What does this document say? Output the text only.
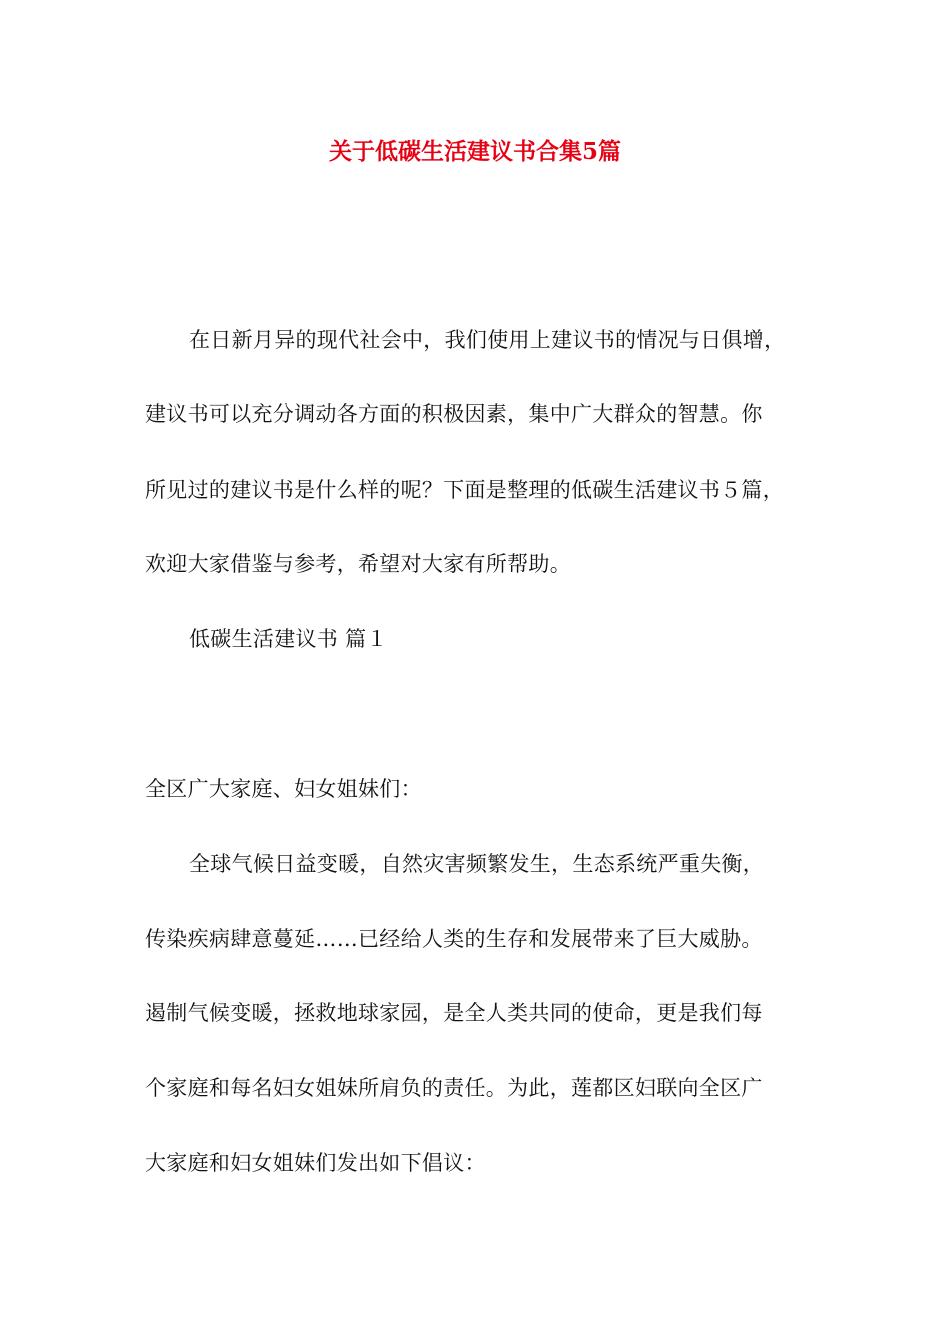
关于低碳生活建议书合集5篇
在日新月异的现代社会中，我们使用上建议书的情况与日俱增，
建议书可以充分调动各方面的积极因素，集中广大群众的智慧。你
所见过的建议书是什么样的呢？下面是整理的低碳生活建议书５篇，
欢迎大家借鉴与参考，希望对大家有所帮助。
低碳生活建议书 篇１
全区广大家庭、妇女姐妹们：
全球气候日益变暖，自然灾害频繁发生，生态系统严重失衡，
传染疾病肆意蔓延……已经给人类的生存和发展带来了巨大威胁。
遏制气候变暖，拯救地球家园，是全人类共同的使命，更是我们每
个家庭和每名妇女姐妹所肩负的责任。为此，莲都区妇联向全区广
大家庭和妇女姐妹们发出如下倡议：
